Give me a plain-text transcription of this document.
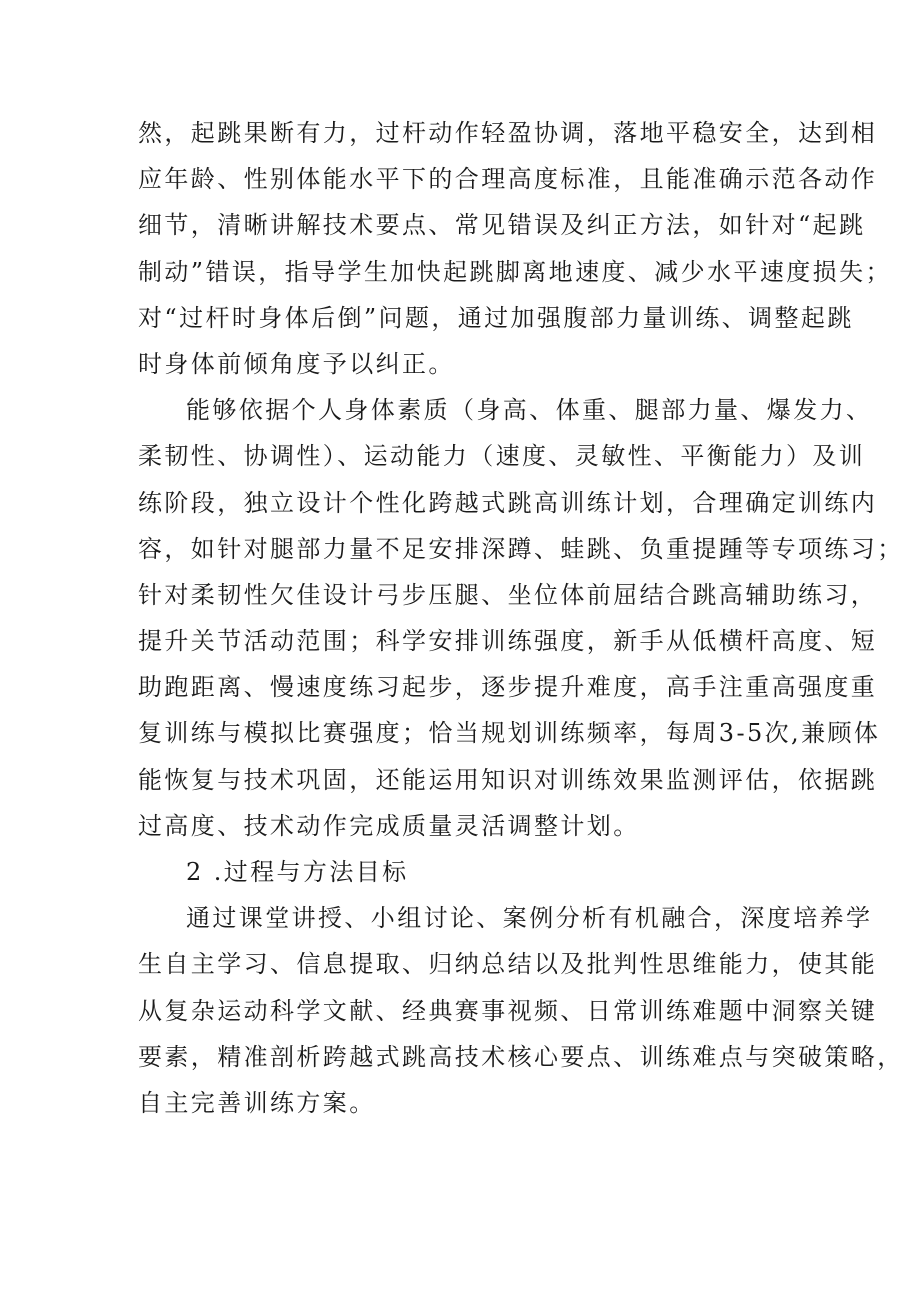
然，起跳果断有力，过杆动作轻盈协调，落地平稳安全，达到相
应年龄、性别体能水平下的合理高度标准，且能准确示范各动作
细节，清晰讲解技术要点、常见错误及纠正方法，如针对“起跳
制动”错误，指导学生加快起跳脚离地速度、减少水平速度损失；
对“过杆时身体后倒”问题，通过加强腹部力量训练、调整起跳
时身体前倾角度予以纠正。
能够依据个人身体素质（身高、体重、腿部力量、爆发力、
柔韧性、协调性）、运动能力（速度、灵敏性、平衡能力）及训
练阶段，独立设计个性化跨越式跳高训练计划，合理确定训练内
容，如针对腿部力量不足安排深蹲、蛙跳、负重提踵等专项练习；
针对柔韧性欠佳设计弓步压腿、坐位体前屈结合跳高辅助练习，
提升关节活动范围；科学安排训练强度，新手从低横杆高度、短
助跑距离、慢速度练习起步，逐步提升难度，高手注重高强度重
复训练与模拟比赛强度；恰当规划训练频率，每周3-5次,兼顾体
能恢复与技术巩固，还能运用知识对训练效果监测评估，依据跳
过高度、技术动作完成质量灵活调整计划。
2 .过程与方法目标
通过课堂讲授、小组讨论、案例分析有机融合，深度培养学
生自主学习、信息提取、归纳总结以及批判性思维能力，使其能
从复杂运动科学文献、经典赛事视频、日常训练难题中洞察关键
要素，精准剖析跨越式跳高技术核心要点、训练难点与突破策略，
自主完善训练方案。
